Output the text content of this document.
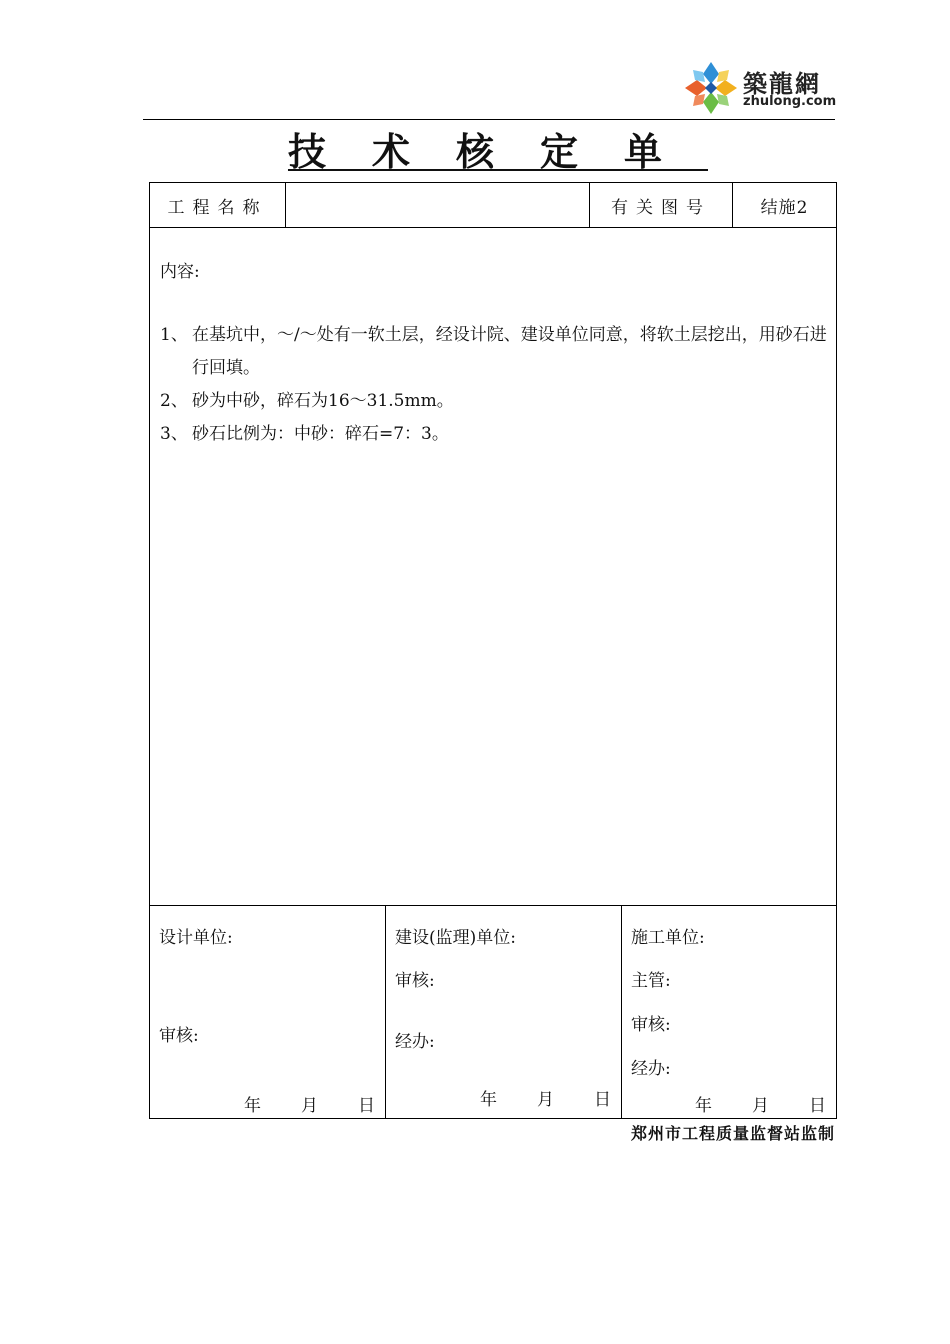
築龍網
zhulong.com
技术核定单
工程名称		有关图号	结施2

内容:
1、 在基坑中，～/～处有一软土层，经设计院、建设单位同意，将软土层挖出，用砂石进行回填。
2、 砂为中砂，碎石为16～31.5mm。
3、 砂石比例为：中砂：碎石=7：3。
设计单位:
审核:
年 月 日

建设(监理)单位:
审核:
经办:
年 月 日

施工单位:
主管:
审核:
经办:
年 月 日
郑州市工程质量监督站监制
